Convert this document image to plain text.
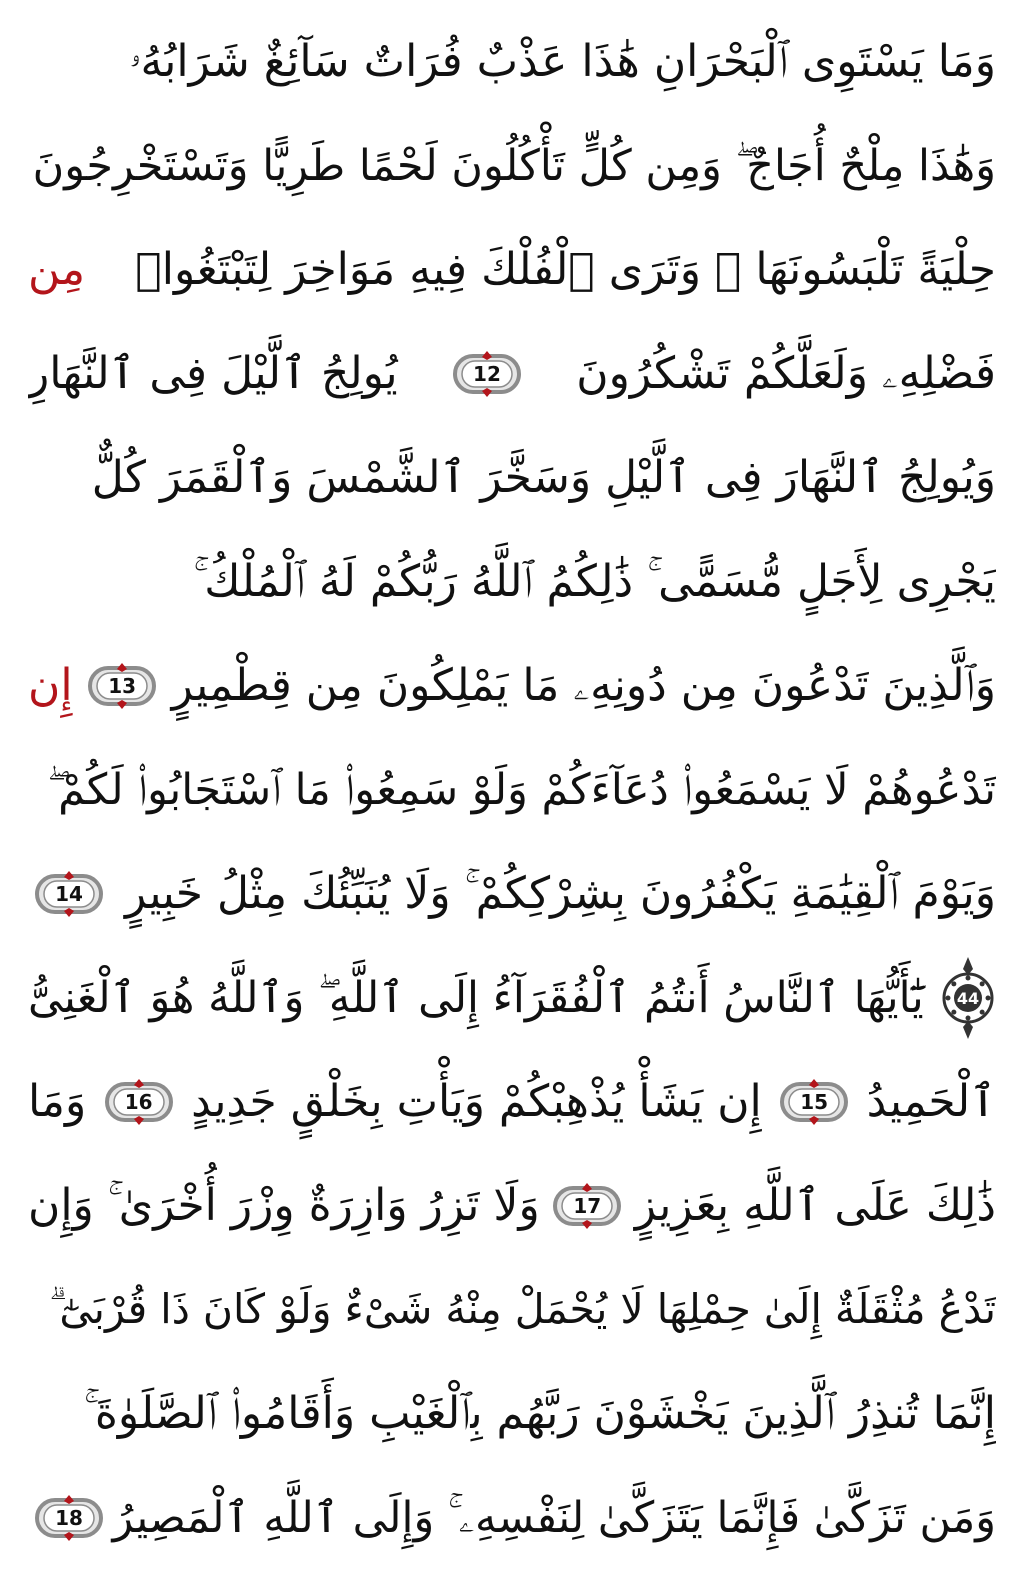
وَمَا يَسْتَوِى ٱلْبَحْرَانِ هَٰذَا عَذْبٌ فُرَاتٌ سَآئِغٌ شَرَابُهُۥ
وَهَٰذَا مِلْحٌ أُجَاجٌ ۖ وَمِن كُلٍّ تَأْكُلُونَ لَحْمًا طَرِيًّا وَتَسْتَخْرِجُونَ
حِلْيَةً تَلْبَسُونَهَا ۖ وَتَرَى ٱلْفُلْكَ فِيهِ مَوَاخِرَ لِتَبْتَغُوا۟
مِن
فَضْلِهِۦ وَلَعَلَّكُمْ تَشْكُرُونَ
12
يُولِجُ ٱلَّيْلَ فِى ٱلنَّهَارِ
وَيُولِجُ ٱلنَّهَارَ فِى ٱلَّيْلِ وَسَخَّرَ ٱلشَّمْسَ وَٱلْقَمَرَ كُلٌّ
يَجْرِى لِأَجَلٍ مُّسَمًّى ۚ ذَٰلِكُمُ ٱللَّهُ رَبُّكُمْ لَهُ ٱلْمُلْكُ ۚ
وَٱلَّذِينَ تَدْعُونَ مِن دُونِهِۦ مَا يَمْلِكُونَ مِن قِطْمِيرٍ
13
إِن
تَدْعُوهُمْ لَا يَسْمَعُوا۟ دُعَآءَكُمْ وَلَوْ سَمِعُوا۟ مَا ٱسْتَجَابُوا۟ لَكُمْ ۖ
وَيَوْمَ ٱلْقِيَٰمَةِ يَكْفُرُونَ بِشِرْكِكُمْ ۚ وَلَا يُنَبِّئُكَ مِثْلُ خَبِيرٍ
14
44
يَٰٓأَيُّهَا ٱلنَّاسُ أَنتُمُ ٱلْفُقَرَآءُ إِلَى ٱللَّهِ ۖ وَٱللَّهُ هُوَ ٱلْغَنِىُّ
ٱلْحَمِيدُ
15
إِن يَشَأْ يُذْهِبْكُمْ وَيَأْتِ بِخَلْقٍ جَدِيدٍ
16
وَمَا
ذَٰلِكَ عَلَى ٱللَّهِ بِعَزِيزٍ
17
وَلَا تَزِرُ وَازِرَةٌ وِزْرَ أُخْرَىٰ ۚ وَإِن
تَدْعُ مُثْقَلَةٌ إِلَىٰ حِمْلِهَا لَا يُحْمَلْ مِنْهُ شَىْءٌ وَلَوْ كَانَ ذَا قُرْبَىٰٓ ۗ
إِنَّمَا تُنذِرُ ٱلَّذِينَ يَخْشَوْنَ رَبَّهُم بِٱلْغَيْبِ وَأَقَامُوا۟ ٱلصَّلَوٰةَ ۚ
وَمَن تَزَكَّىٰ فَإِنَّمَا يَتَزَكَّىٰ لِنَفْسِهِۦ ۚ وَإِلَى ٱللَّهِ ٱلْمَصِيرُ
18
